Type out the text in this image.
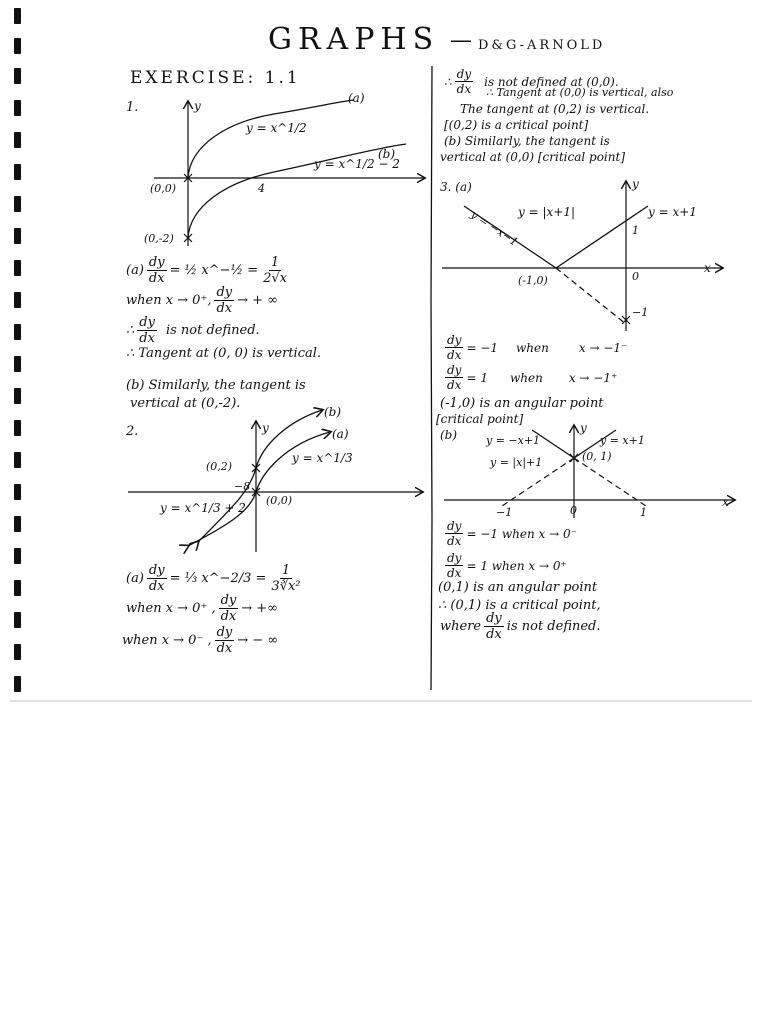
GRAPHS — D&G-ARNOLD
EXERCISE: 1.1
1.	y
(a)
(b)
y = x^1/2
y = x^1/2 − 2
(0,0)	4
(0,-2)
$(a) \frac{dy}{dx}$ = ½ x^−½ = $\frac{1}{2√x}$
when x → 0⁺, $\frac{dy}{dx}$ → + ∞
∴ $\frac{dy}{dx}$ is not defined.
∴ Tangent at (0, 0) is vertical.
(b) Similarly, the tangent is
vertical at (0,-2).
2.	y	(a)
(b)
y = x^1/3
y = x^1/3 + 2
(0,2)
−8
(0,0)
$(a) \frac{dy}{dx}$ = ⅓ x^−2/3 = $\frac{1}{\text{3∛x²}}$
when x → 0⁺ , $\frac{dy}{dx}$ → +∞
when x → 0⁻ , $\frac{dy}{dx}$ → − ∞
∴ $\frac{dy}{dx}$ is not defined at (0,0).
∴ Tangent at (0,0) is vertical, also
The tangent at (0,2) is vertical.
[(0,2) is a critical point]
(b) Similarly, the tangent is
vertical at (0,0) [critical point]
3. (a)	y
x
y = |x+1|	y = x+1
y = −x−1
(-1,0)
1
0
−1
$\frac{dy}{dx} = -1$ when	x → −1⁻
$\frac{dy}{dx} = 1$ when x → −1⁺
(-1,0) is an angular point
[critical point]
(b)	y
x
y = −x+1
y = |x|+1
y = x+1
(0, 1)
−1	0	1
$\frac{dy}{dx} = -1$ when x → 0⁻
$\frac{dy}{dx} = 1$ when x → 0⁺
(0,1) is an angular point
∴ (0,1) is a critical point,
where $\frac{dy}{dx}$ is not defined.
